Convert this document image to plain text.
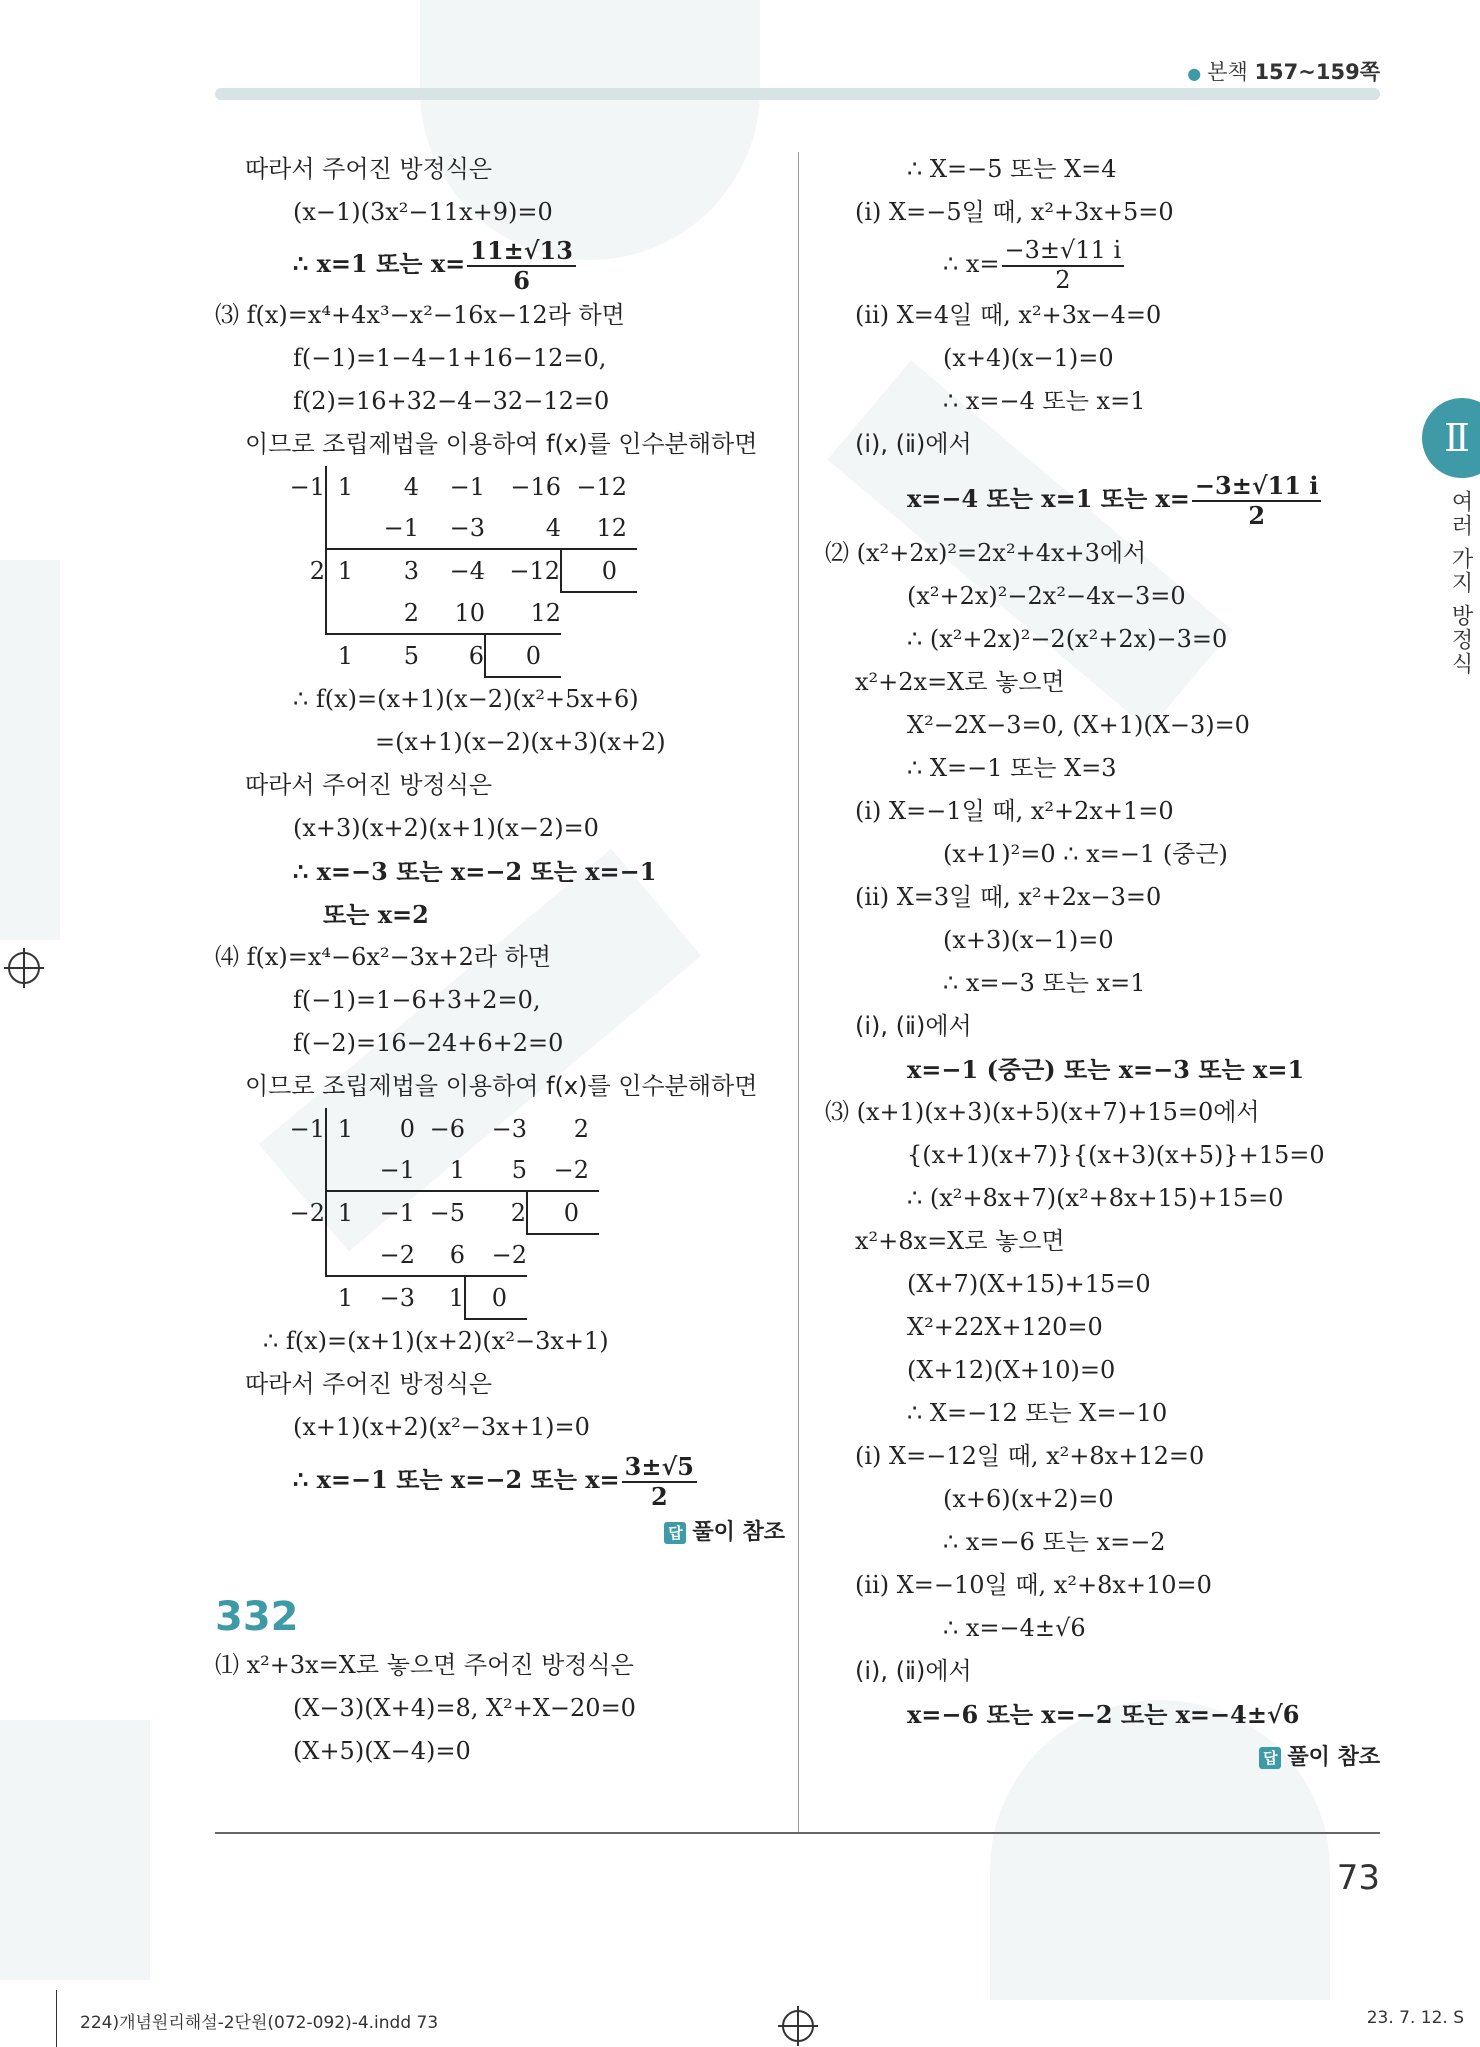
● 본책 157~159쪽
Ⅱ
여러 가지 방정식
따라서 주어진 방정식은
(x−1)(3x²−11x+9)=0
∴ x=1 또는 $x= \frac{11\pm√13}{6}$
⑶ f(x)=x⁴+4x³−x²−16x−12라 하면
f(−1)=1−4−1+16−12=0,
f(2)=16+32−4−32−12=0
이므로 조립제법을 이용하여 f(x)를 인수분해하면
−1	1	4	−1	−16	−12
		−1	−3	4	12
2	1	3	−4	−12	0
		2	10	12	
	1	5	6	0	
∴ f(x)=(x+1)(x−2)(x²+5x+6)
=(x+1)(x−2)(x+3)(x+2)
따라서 주어진 방정식은
(x+3)(x+2)(x+1)(x−2)=0
∴ x=−3 또는 x=−2 또는 x=−1
또는 x=2
⑷ f(x)=x⁴−6x²−3x+2라 하면
f(−1)=1−6+3+2=0,
f(−2)=16−24+6+2=0
이므로 조립제법을 이용하여 f(x)를 인수분해하면
−1	1	0	−6	−3	2
		−1	1	5	−2
−2	1	−1	−5	2	0
		−2	6	−2	
	1	−3	1	0	
∴ f(x)=(x+1)(x+2)(x²−3x+1)
따라서 주어진 방정식은
(x+1)(x+2)(x²−3x+1)=0
∴ x=−1 또는 x=−2 또는 $x= \frac{3\pm√5}{2}$
답 풀이 참조
332
⑴ x²+3x=X로 놓으면 주어진 방정식은
(X−3)(X+4)=8, X²+X−20=0
(X+5)(X−4)=0
∴ X=−5 또는 X=4
(ⅰ) X=−5일 때, x²+3x+5=0
∴ $x= \frac{-3\pm√11 i}{2}$
(ⅱ) X=4일 때, x²+3x−4=0
(x+4)(x−1)=0
∴ x=−4 또는 x=1
(ⅰ), (ⅱ)에서
x=−4 또는 x=1 또는 $x= \frac{-3\pm√11 i}{2}$
⑵ (x²+2x)²=2x²+4x+3에서
(x²+2x)²−2x²−4x−3=0
∴ (x²+2x)²−2(x²+2x)−3=0
x²+2x=X로 놓으면
X²−2X−3=0, (X+1)(X−3)=0
∴ X=−1 또는 X=3
(ⅰ) X=−1일 때, x²+2x+1=0
(x+1)²=0 ∴ x=−1 (중근)
(ⅱ) X=3일 때, x²+2x−3=0
(x+3)(x−1)=0
∴ x=−3 또는 x=1
(ⅰ), (ⅱ)에서
x=−1 (중근) 또는 x=−3 또는 x=1
⑶ (x+1)(x+3)(x+5)(x+7)+15=0에서
{(x+1)(x+7)}{(x+3)(x+5)}+15=0
∴ (x²+8x+7)(x²+8x+15)+15=0
x²+8x=X로 놓으면
(X+7)(X+15)+15=0
X²+22X+120=0
(X+12)(X+10)=0
∴ X=−12 또는 X=−10
(ⅰ) X=−12일 때, x²+8x+12=0
(x+6)(x+2)=0
∴ x=−6 또는 x=−2
(ⅱ) X=−10일 때, x²+8x+10=0
∴ x=−4±√6
(ⅰ), (ⅱ)에서
x=−6 또는 x=−2 또는 x=−4±√6
답 풀이 참조
73
224)개념원리해설-2단원(072-092)-4.indd 73	23. 7. 12. S
